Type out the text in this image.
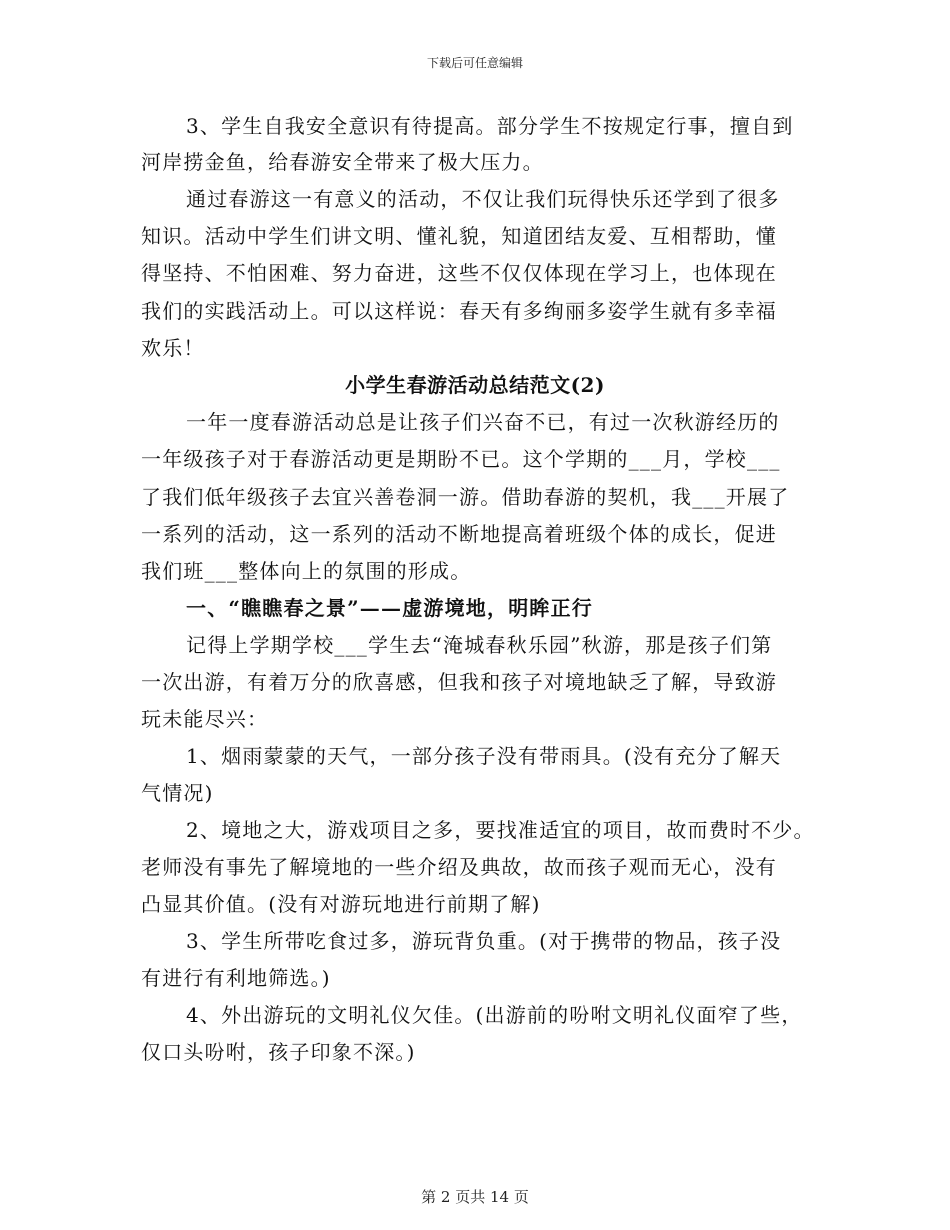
下载后可任意编辑
3、学生自我安全意识有待提高。部分学生不按规定行事，擅自到
河岸捞金鱼，给春游安全带来了极大压力。
通过春游这一有意义的活动，不仅让我们玩得快乐还学到了很多
知识。活动中学生们讲文明、懂礼貌，知道团结友爱、互相帮助，懂
得坚持、不怕困难、努力奋进，这些不仅仅体现在学习上，也体现在
我们的实践活动上。可以这样说：春天有多绚丽多姿学生就有多幸福
欢乐！
小学生春游活动总结范文(2)
一年一度春游活动总是让孩子们兴奋不已，有过一次秋游经历的
一年级孩子对于春游活动更是期盼不已。这个学期的___月，学校___
了我们低年级孩子去宜兴善卷洞一游。借助春游的契机，我___开展了
一系列的活动，这一系列的活动不断地提高着班级个体的成长，促进
我们班___整体向上的氛围的形成。
一、“瞧瞧春之景”——虚游境地，明眸正行
记得上学期学校___学生去“淹城春秋乐园”秋游，那是孩子们第
一次出游，有着万分的欣喜感，但我和孩子对境地缺乏了解，导致游
玩未能尽兴：
1、烟雨蒙蒙的天气，一部分孩子没有带雨具。(没有充分了解天
气情况)
2、境地之大，游戏项目之多，要找准适宜的项目，故而费时不少。
老师没有事先了解境地的一些介绍及典故，故而孩子观而无心，没有
凸显其价值。(没有对游玩地进行前期了解)
3、学生所带吃食过多，游玩背负重。(对于携带的物品，孩子没
有进行有利地筛选。)
4、外出游玩的文明礼仪欠佳。(出游前的吩咐文明礼仪面窄了些，
仅口头吩咐，孩子印象不深。)
第 2 页共 14 页
